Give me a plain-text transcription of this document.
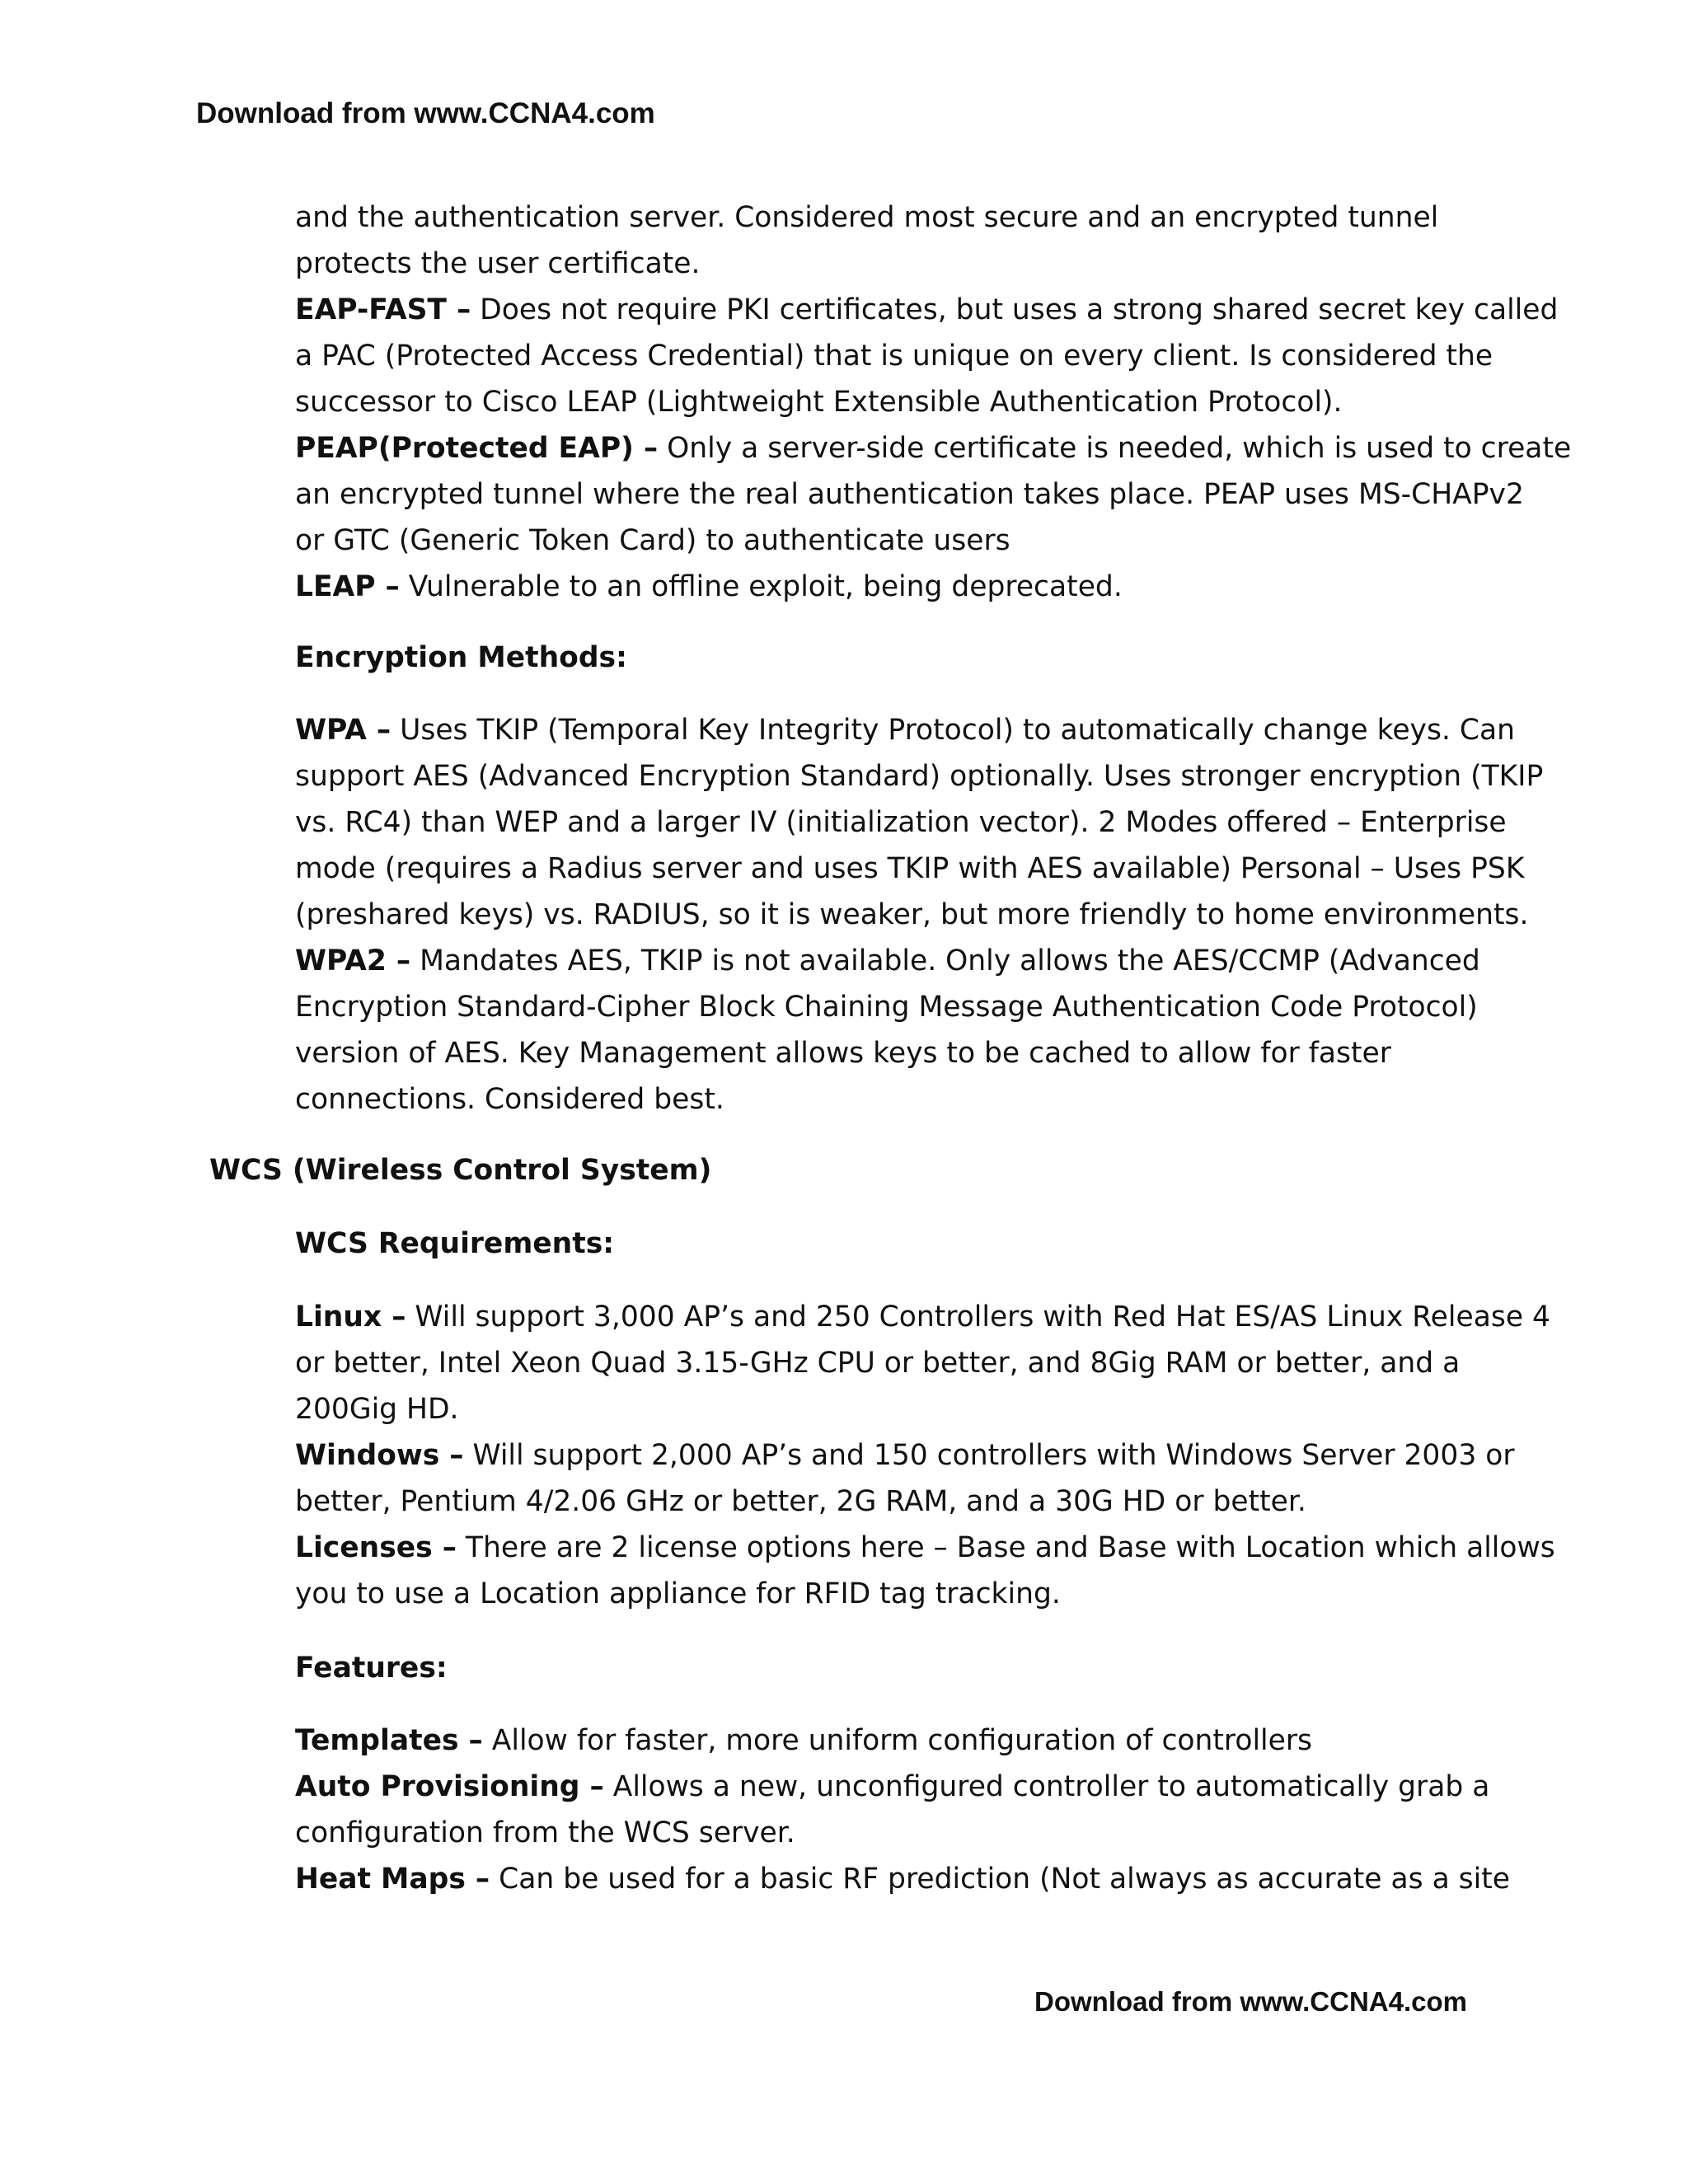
Download from www.CCNA4.com
and the authentication server. Considered most secure and an encrypted tunnel
protects the user certificate.
EAP-FAST – Does not require PKI certificates, but uses a strong shared secret key called
a PAC (Protected Access Credential) that is unique on every client. Is considered the
successor to Cisco LEAP (Lightweight Extensible Authentication Protocol).
PEAP(Protected EAP) – Only a server-side certificate is needed, which is used to create
an encrypted tunnel where the real authentication takes place. PEAP uses MS-CHAPv2
or GTC (Generic Token Card) to authenticate users
LEAP – Vulnerable to an offline exploit, being deprecated.
Encryption Methods:
WPA – Uses TKIP (Temporal Key Integrity Protocol) to automatically change keys. Can
support AES (Advanced Encryption Standard) optionally. Uses stronger encryption (TKIP
vs. RC4) than WEP and a larger IV (initialization vector). 2 Modes offered – Enterprise
mode (requires a Radius server and uses TKIP with AES available) Personal – Uses PSK
(preshared keys) vs. RADIUS, so it is weaker, but more friendly to home environments.
WPA2 – Mandates AES, TKIP is not available. Only allows the AES/CCMP (Advanced
Encryption Standard-Cipher Block Chaining Message Authentication Code Protocol)
version of AES. Key Management allows keys to be cached to allow for faster
connections. Considered best.
WCS (Wireless Control System)
WCS Requirements:
Linux – Will support 3,000 AP’s and 250 Controllers with Red Hat ES/AS Linux Release 4
or better, Intel Xeon Quad 3.15-GHz CPU or better, and 8Gig RAM or better, and a
200Gig HD.
Windows – Will support 2,000 AP’s and 150 controllers with Windows Server 2003 or
better, Pentium 4/2.06 GHz or better, 2G RAM, and a 30G HD or better.
Licenses – There are 2 license options here – Base and Base with Location which allows
you to use a Location appliance for RFID tag tracking.
Features:
Templates – Allow for faster, more uniform configuration of controllers
Auto Provisioning – Allows a new, unconfigured controller to automatically grab a
configuration from the WCS server.
Heat Maps – Can be used for a basic RF prediction (Not always as accurate as a site
Download from www.CCNA4.com
